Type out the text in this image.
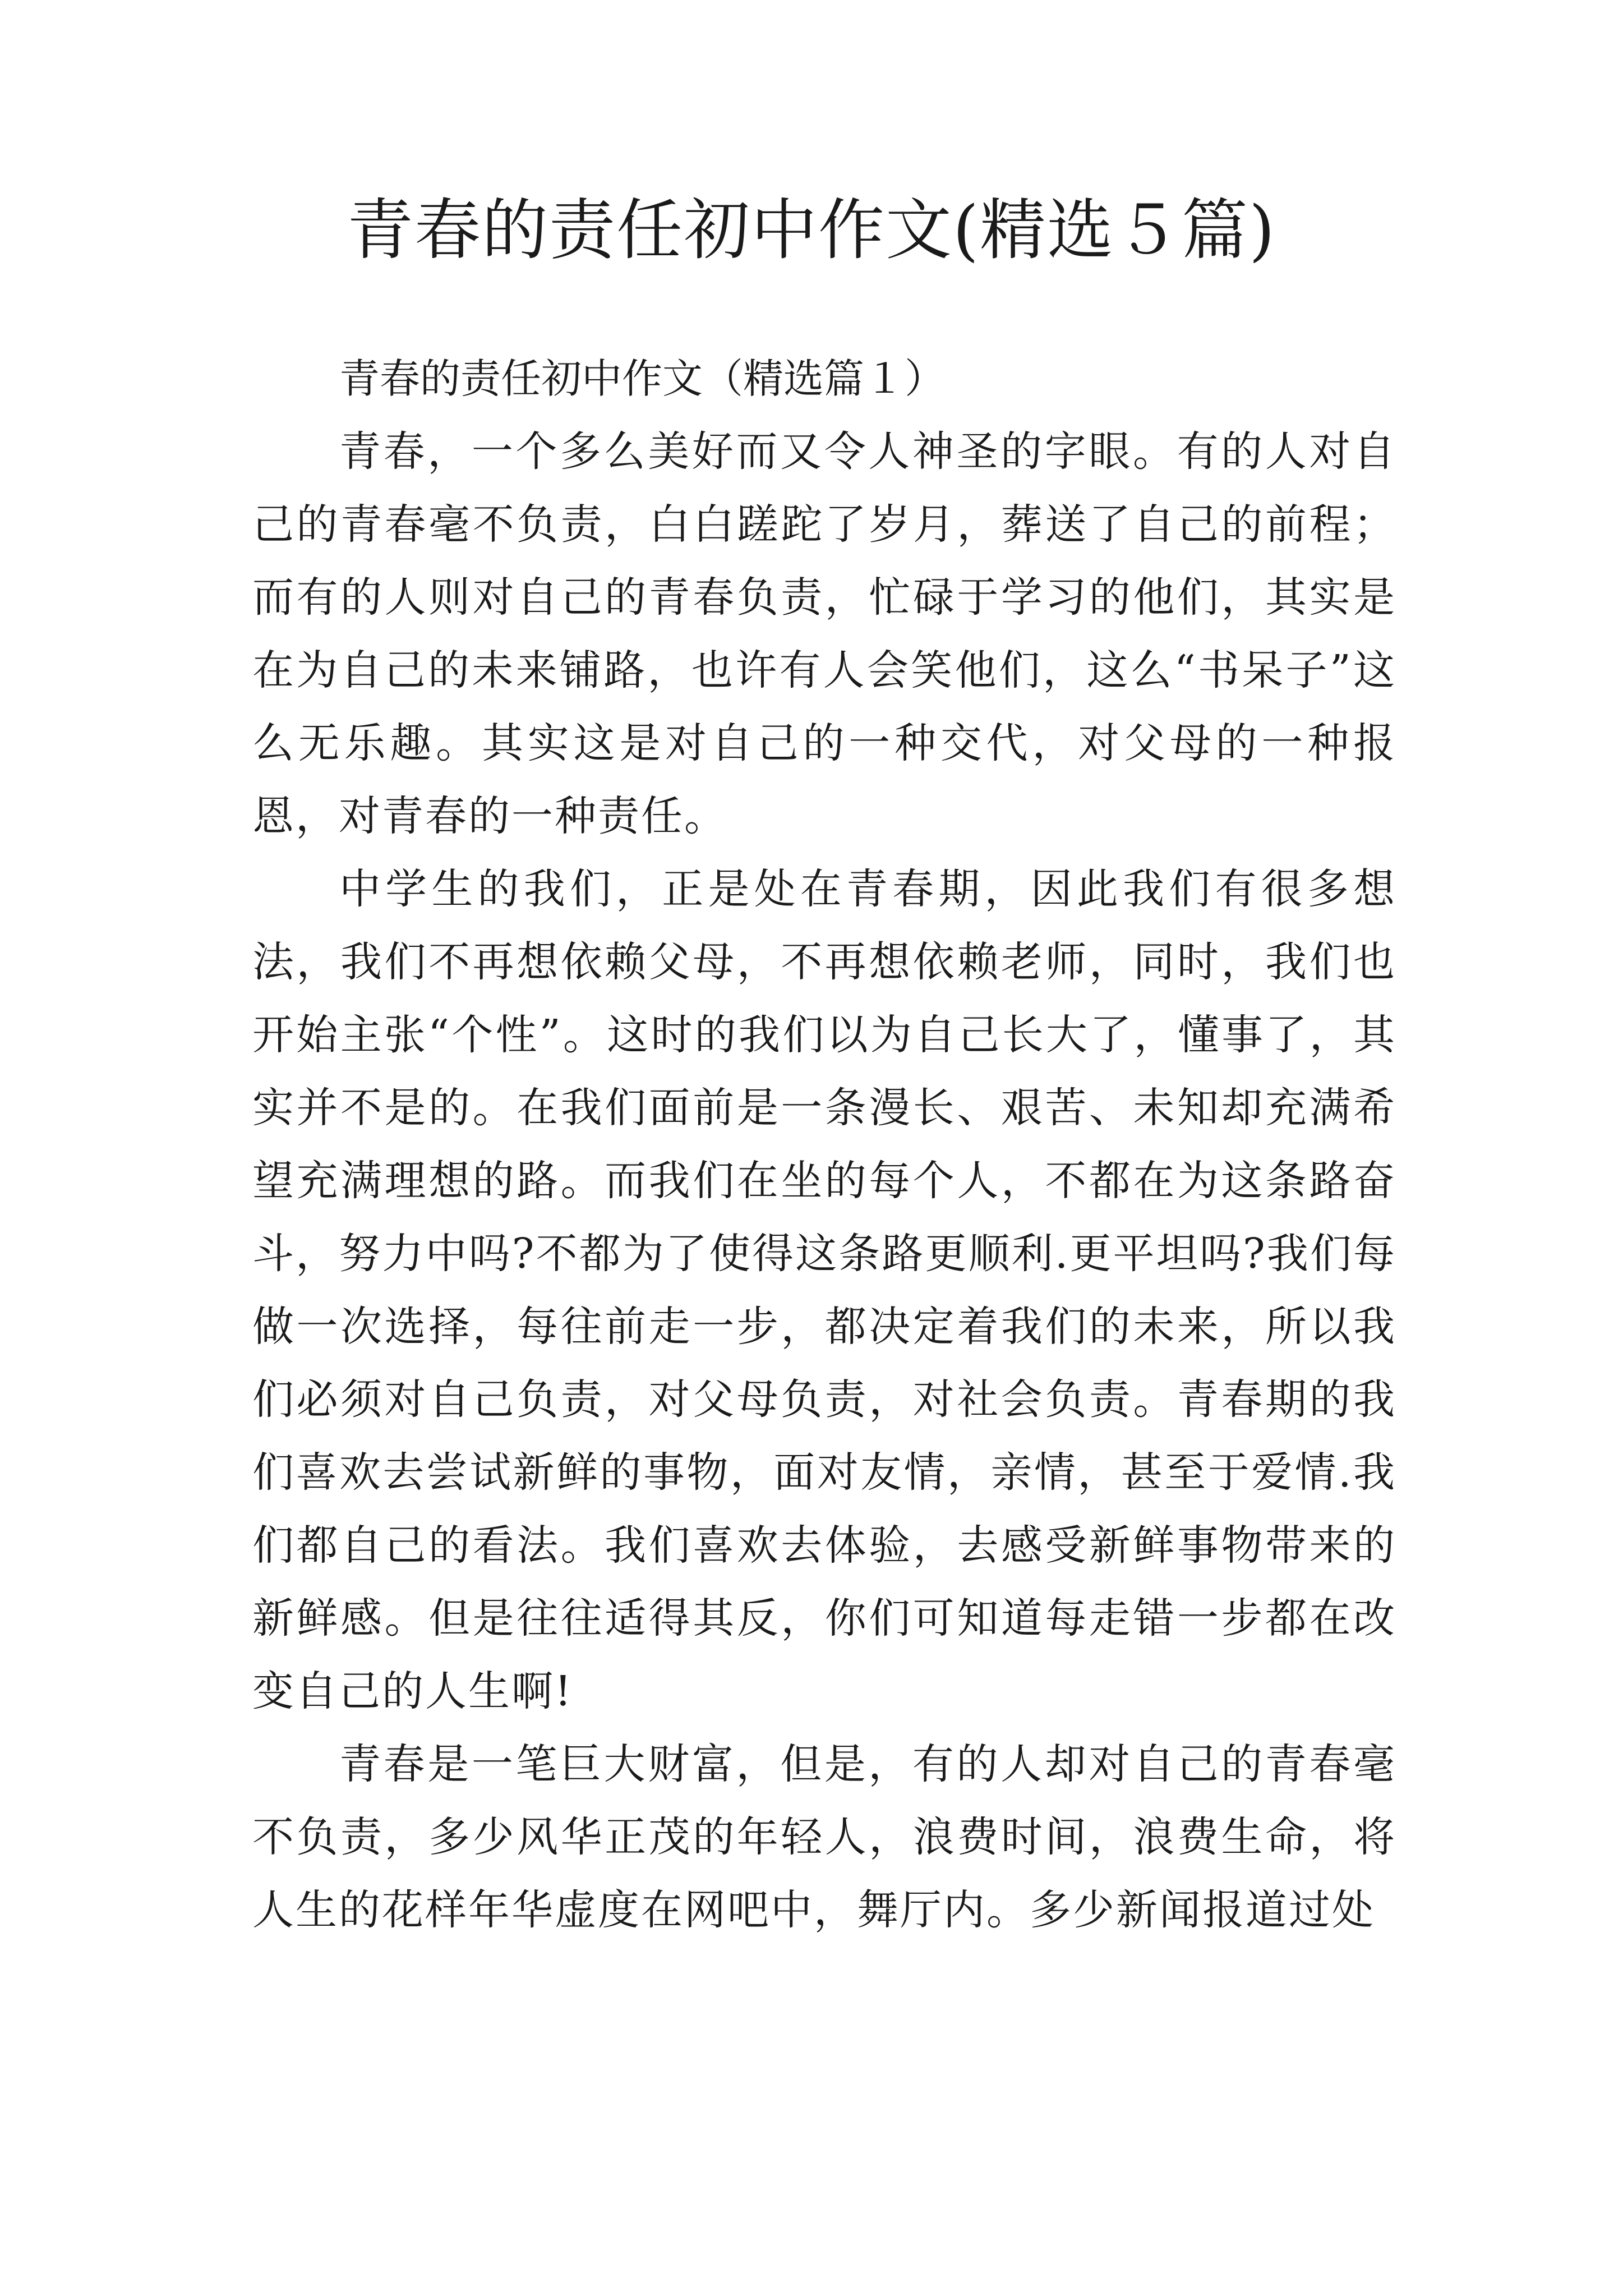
青春的责任初中作文(精选５篇)

青春的责任初中作文（精选篇１）

青春，一个多么美好而又令人神圣的字眼。有的人对自己的青春毫不负责，白白蹉跎了岁月，葬送了自己的前程；而有的人则对自己的青春负责，忙碌于学习的他们，其实是在为自己的未来铺路，也许有人会笑他们，这么“书呆子”这么无乐趣。其实这是对自己的一种交代，对父母的一种报恩，对青春的一种责任。

中学生的我们，正是处在青春期，因此我们有很多想法，我们不再想依赖父母，不再想依赖老师，同时，我们也开始主张“个性”。这时的我们以为自己长大了，懂事了，其实并不是的。在我们面前是一条漫长、艰苦、未知却充满希望充满理想的路。而我们在坐的每个人，不都在为这条路奋斗，努力中吗?不都为了使得这条路更顺利.更平坦吗?我们每做一次选择，每往前走一步，都决定着我们的未来，所以我们必须对自己负责，对父母负责，对社会负责。青春期的我们喜欢去尝试新鲜的事物，面对友情，亲情，甚至于爱情.我们都自己的看法。我们喜欢去体验，去感受新鲜事物带来的新鲜感。但是往往适得其反，你们可知道每走错一步都在改变自己的人生啊!

青春是一笔巨大财富，但是，有的人却对自己的青春毫不负责，多少风华正茂的年轻人，浪费时间，浪费生命，将人生的花样年华虚度在网吧中，舞厅内。多少新闻报道过处
